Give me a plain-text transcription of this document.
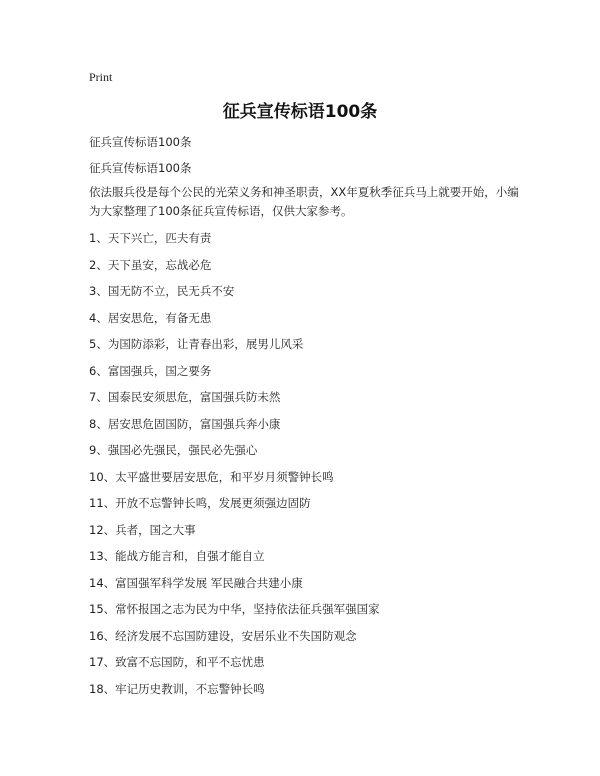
Print
征兵宣传标语100条
征兵宣传标语100条
征兵宣传标语100条
依法服兵役是每个公民的光荣义务和神圣职责，XX年夏秋季征兵马上就要开始，小编为大家整理了100条征兵宣传标语，仅供大家参考。
1、天下兴亡，匹夫有责
2、天下虽安，忘战必危
3、国无防不立，民无兵不安
4、居安思危，有备无患
5、为国防添彩，让青春出彩，展男儿风采
6、富国强兵，国之要务
7、国泰民安须思危，富国强兵防未然
8、居安思危固国防，富国强兵奔小康
9、强国必先强民，强民必先强心
10、太平盛世要居安思危，和平岁月须警钟长鸣
11、开放不忘警钟长鸣，发展更须强边固防
12、兵者，国之大事
13、能战方能言和，自强才能自立
14、富国强军科学发展 军民融合共建小康
15、常怀报国之志为民为中华，坚持依法征兵强军强国家
16、经济发展不忘国防建设，安居乐业不失国防观念
17、致富不忘国防，和平不忘忧患
18、牢记历史教训，不忘警钟长鸣
